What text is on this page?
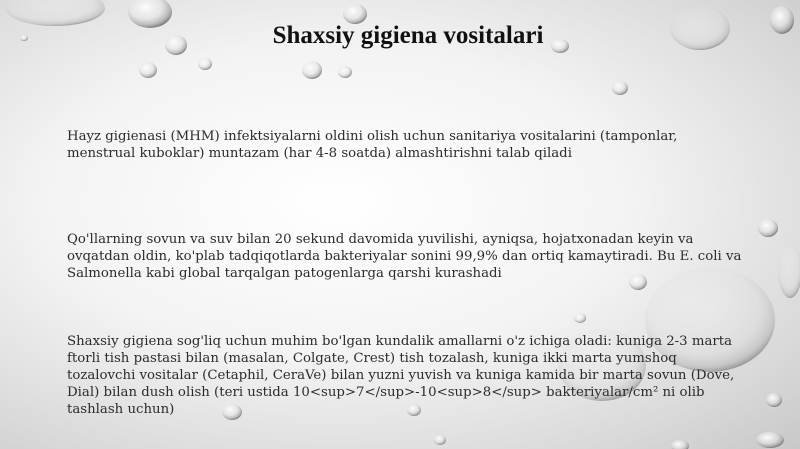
Shaxsiy gigiena vositalari

Hayz gigienasi (MHM) infektsiyalarni oldini olish uchun sanitariya vositalarini (tamponlar, menstrual kuboklar) muntazam (har 4-8 soatda) almashtirishni talab qiladi

Qo'llarning sovun va suv bilan 20 sekund davomida yuvilishi, ayniqsa, hojatxonadan keyin va ovqatdan oldin, ko'plab tadqiqotlarda bakteriyalar sonini 99,9% dan ortiq kamaytiradi. Bu E. coli va Salmonella kabi global tarqalgan patogenlarga qarshi kurashadi

Shaxsiy gigiena sog'liq uchun muhim bo'lgan kundalik amallarni o'z ichiga oladi: kuniga 2-3 marta ftorli tish pastasi bilan (masalan, Colgate, Crest) tish tozalash, kuniga ikki marta yumshoq tozalovchi vositalar (Cetaphil, CeraVe) bilan yuzni yuvish va kuniga kamida bir marta sovun (Dove, Dial) bilan dush olish (teri ustida 10<sup>7</sup>-10<sup>8</sup> bakteriyalar/cm² ni olib tashlash uchun)
